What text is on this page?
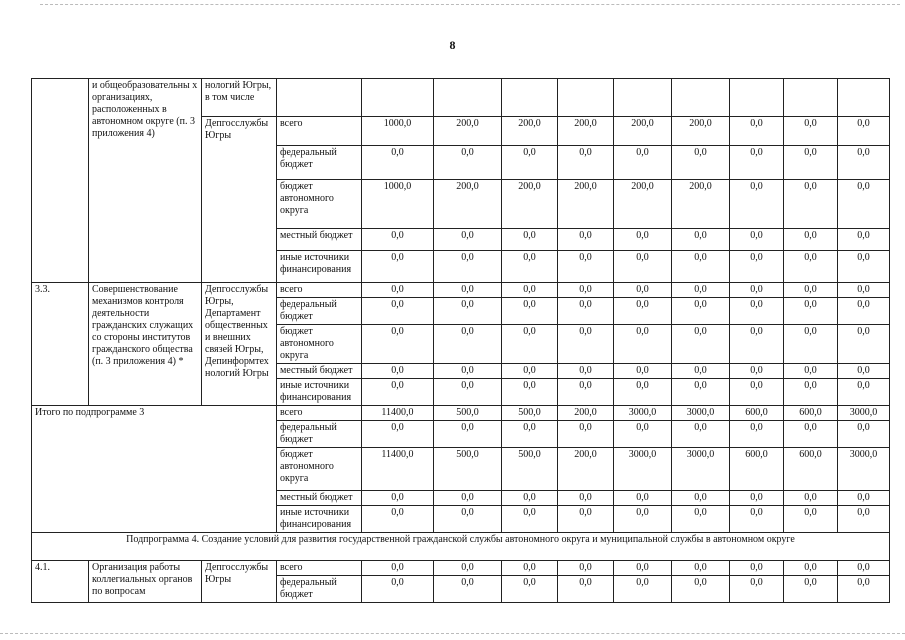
8
	и общеобразовательны х организациях, расположенных в автономном округе (п. 3 приложения 4)	нологий Югры, в том числе										
		Депгосслужбы Югры	всего	1000,0	200,0	200,0	200,0	200,0	200,0	0,0	0,0	0,0
			федеральный бюджет	0,0	0,0	0,0	0,0	0,0	0,0	0,0	0,0	0,0
			бюджет автономного округа	1000,0	200,0	200,0	200,0	200,0	200,0	0,0	0,0	0,0
			местный бюджет	0,0	0,0	0,0	0,0	0,0	0,0	0,0	0,0	0,0
			иные источники финансирования	0,0	0,0	0,0	0,0	0,0	0,0	0,0	0,0	0,0
3.3.	Совершенствование механизмов контроля деятельности гражданских служащих со стороны институтов гражданского общества (п. 3 приложения 4) *	Депгосслужбы Югры, Департамент общественных и внешних связей Югры, Депинформтех нологий Югры	всего	0,0	0,0	0,0	0,0	0,0	0,0	0,0	0,0	0,0
			федеральный бюджет	0,0	0,0	0,0	0,0	0,0	0,0	0,0	0,0	0,0
			бюджет автономного округа	0,0	0,0	0,0	0,0	0,0	0,0	0,0	0,0	0,0
			местный бюджет	0,0	0,0	0,0	0,0	0,0	0,0	0,0	0,0	0,0
			иные источники финансирования	0,0	0,0	0,0	0,0	0,0	0,0	0,0	0,0	0,0
Итого по подпрограмме 3			всего	11400,0	500,0	500,0	200,0	3000,0	3000,0	600,0	600,0	3000,0
			федеральный бюджет	0,0	0,0	0,0	0,0	0,0	0,0	0,0	0,0	0,0
			бюджет автономного округа	11400,0	500,0	500,0	200,0	3000,0	3000,0	600,0	600,0	3000,0
			местный бюджет	0,0	0,0	0,0	0,0	0,0	0,0	0,0	0,0	0,0
			иные источники финансирования	0,0	0,0	0,0	0,0	0,0	0,0	0,0	0,0	0,0
Подпрограмма 4. Создание условий для развития государственной гражданской службы автономного округа и муниципальной службы в автономном округе												
4.1.	Организация работы коллегиальных органов по вопросам	Депгосслужбы Югры	всего	0,0	0,0	0,0	0,0	0,0	0,0	0,0	0,0	0,0
			федеральный бюджет	0,0	0,0	0,0	0,0	0,0	0,0	0,0	0,0	0,0
